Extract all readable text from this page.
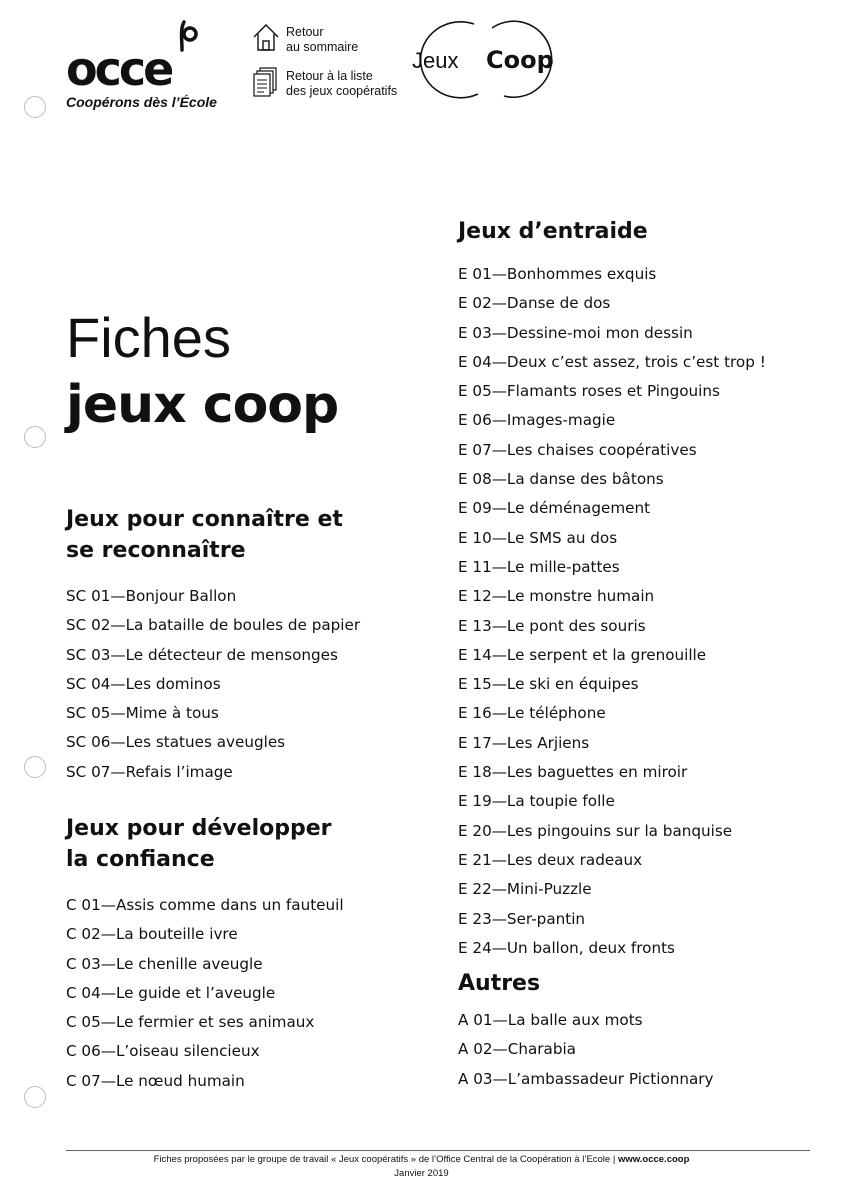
occe
Coopérons dès l’École
Retour
au sommaire
Retour à la liste
des jeux coopératifs
Jeux Coop
Fiches
jeux coop
Jeux pour connaître et
se reconnaître
SC 01—Bonjour Ballon
SC 02—La bataille de boules de papier
SC 03—Le détecteur de mensonges
SC 04—Les dominos
SC 05—Mime à tous
SC 06—Les statues aveugles
SC 07—Refais l’image
Jeux pour développer
la confiance
C 01—Assis comme dans un fauteuil
C 02—La bouteille ivre
C 03—Le chenille aveugle
C 04—Le guide et l’aveugle
C 05—Le fermier et ses animaux
C 06—L’oiseau silencieux
C 07—Le nœud humain
Jeux d’entraide
E 01—Bonhommes exquis
E 02—Danse de dos
E 03—Dessine-moi mon dessin
E 04—Deux c’est assez, trois c’est trop !
E 05—Flamants roses et Pingouins
E 06—Images-magie
E 07—Les chaises coopératives
E 08—La danse des bâtons
E 09—Le déménagement
E 10—Le SMS au dos
E 11—Le mille-pattes
E 12—Le monstre humain
E 13—Le pont des souris
E 14—Le serpent et la grenouille
E 15—Le ski en équipes
E 16—Le téléphone
E 17—Les Arjiens
E 18—Les baguettes en miroir
E 19—La toupie folle
E 20—Les pingouins sur la banquise
E 21—Les deux radeaux
E 22—Mini-Puzzle
E 23—Ser-pantin
E 24—Un ballon, deux fronts
Autres
A 01—La balle aux mots
A 02—Charabia
A 03—L’ambassadeur Pictionnary
Fiches proposées par le groupe de travail « Jeux coopératifs » de l’Office Central de la Coopération à l’Ecole | www.occe.coop
Janvier 2019
